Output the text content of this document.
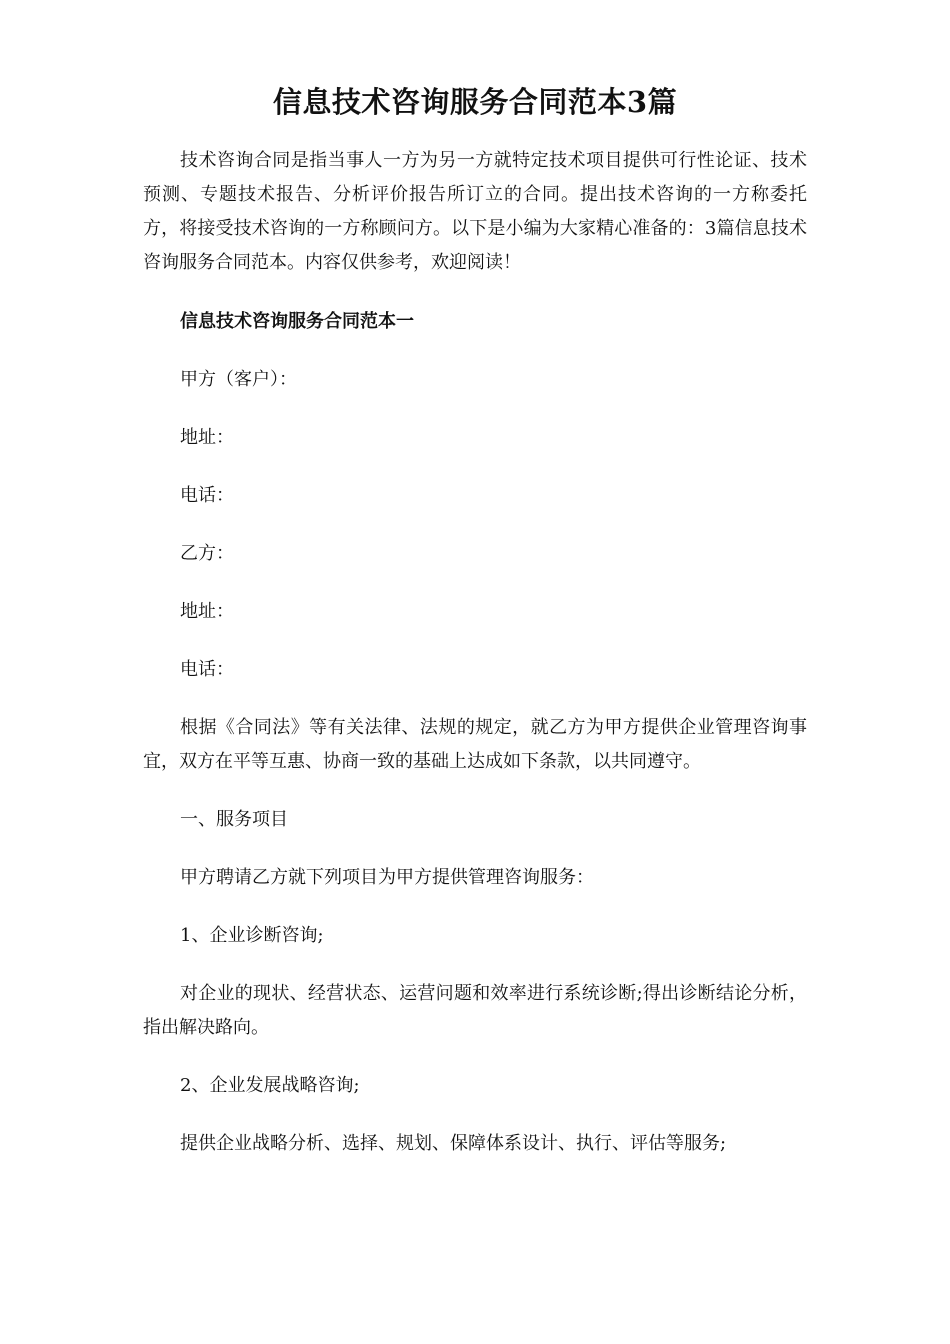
信息技术咨询服务合同范本3篇

技术咨询合同是指当事人一方为另一方就特定技术项目提供可行性论证、技术预测、专题技术报告、分析评价报告所订立的合同。提出技术咨询的一方称委托方，将接受技术咨询的一方称顾问方。以下是小编为大家精心准备的：3篇信息技术咨询服务合同范本。内容仅供参考，欢迎阅读！

信息技术咨询服务合同范本一

甲方（客户）：

地址：

电话：

乙方：

地址：

电话：

根据《合同法》等有关法律、法规的规定，就乙方为甲方提供企业管理咨询事宜，双方在平等互惠、协商一致的基础上达成如下条款，以共同遵守。

一、服务项目

甲方聘请乙方就下列项目为甲方提供管理咨询服务：

1、企业诊断咨询;

对企业的现状、经营状态、运营问题和效率进行系统诊断;得出诊断结论分析，指出解决路向。

2、企业发展战略咨询;

提供企业战略分析、选择、规划、保障体系设计、执行、评估等服务;
